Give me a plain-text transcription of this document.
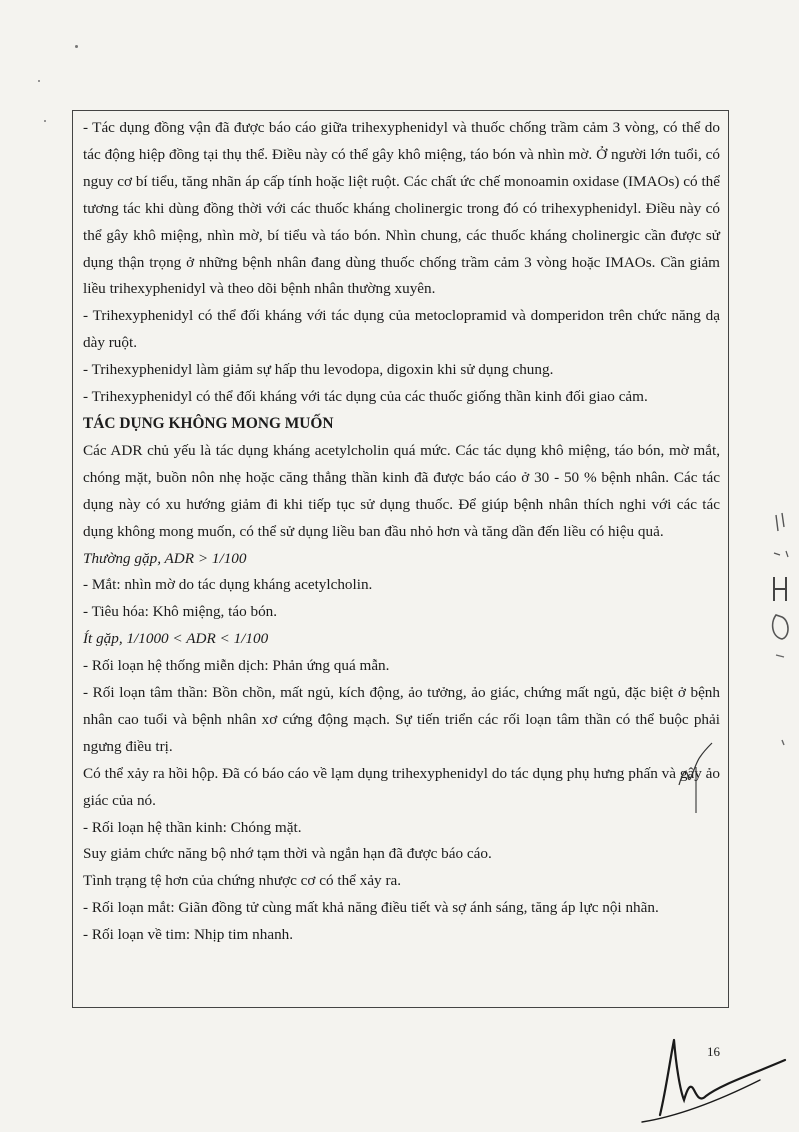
- Tác dụng đồng vận đã được báo cáo giữa trihexyphenidyl và thuốc chống trầm cảm 3 vòng, có thể do tác động hiệp đồng tại thụ thể. Điều này có thể gây khô miệng, táo bón và nhìn mờ. Ở người lớn tuổi, có nguy cơ bí tiểu, tăng nhãn áp cấp tính hoặc liệt ruột. Các chất ức chế monoamin oxidase (IMAOs) có thể tương tác khi dùng đồng thời với các thuốc kháng cholinergic trong đó có trihexyphenidyl. Điều này có thể gây khô miệng, nhìn mờ, bí tiểu và táo bón. Nhìn chung, các thuốc kháng cholinergic cần được sử dụng thận trọng ở những bệnh nhân đang dùng thuốc chống trầm cảm 3 vòng hoặc IMAOs. Cần giảm liều trihexyphenidyl và theo dõi bệnh nhân thường xuyên.

- Trihexyphenidyl có thể đối kháng với tác dụng của metoclopramid và domperidon trên chức năng dạ dày ruột.

- Trihexyphenidyl làm giảm sự hấp thu levodopa, digoxin khi sử dụng chung.

- Trihexyphenidyl có thể đối kháng với tác dụng của các thuốc giống thần kinh đối giao cảm.

TÁC DỤNG KHÔNG MONG MUỐN

Các ADR chủ yếu là tác dụng kháng acetylcholin quá mức. Các tác dụng khô miệng, táo bón, mờ mắt, chóng mặt, buồn nôn nhẹ hoặc căng thẳng thần kinh đã được báo cáo ở 30 - 50 % bệnh nhân. Các tác dụng này có xu hướng giảm đi khi tiếp tục sử dụng thuốc. Để giúp bệnh nhân thích nghi với các tác dụng không mong muốn, có thể sử dụng liều ban đầu nhỏ hơn và tăng dần đến liều có hiệu quả.

Thường gặp, ADR > 1/100

- Mắt: nhìn mờ do tác dụng kháng acetylcholin.

- Tiêu hóa: Khô miệng, táo bón.

Ít gặp, 1/1000 < ADR < 1/100

- Rối loạn hệ thống miễn dịch: Phản ứng quá mẫn.

- Rối loạn tâm thần: Bồn chồn, mất ngủ, kích động, ảo tưởng, ảo giác, chứng mất ngủ, đặc biệt ở bệnh nhân cao tuổi và bệnh nhân xơ cứng động mạch. Sự tiến triển các rối loạn tâm thần có thể buộc phải ngưng điều trị.

Có thể xảy ra hồi hộp. Đã có báo cáo về lạm dụng trihexyphenidyl do tác dụng phụ hưng phấn và gây ảo giác của nó.

- Rối loạn hệ thần kinh: Chóng mặt.

Suy giảm chức năng bộ nhớ tạm thời và ngắn hạn đã được báo cáo.

Tình trạng tệ hơn của chứng nhược cơ có thể xảy ra.

- Rối loạn mắt: Giãn đồng tử cùng mất khả năng điều tiết và sợ ánh sáng, tăng áp lực nội nhãn.

- Rối loạn về tim: Nhịp tim nhanh.

16
